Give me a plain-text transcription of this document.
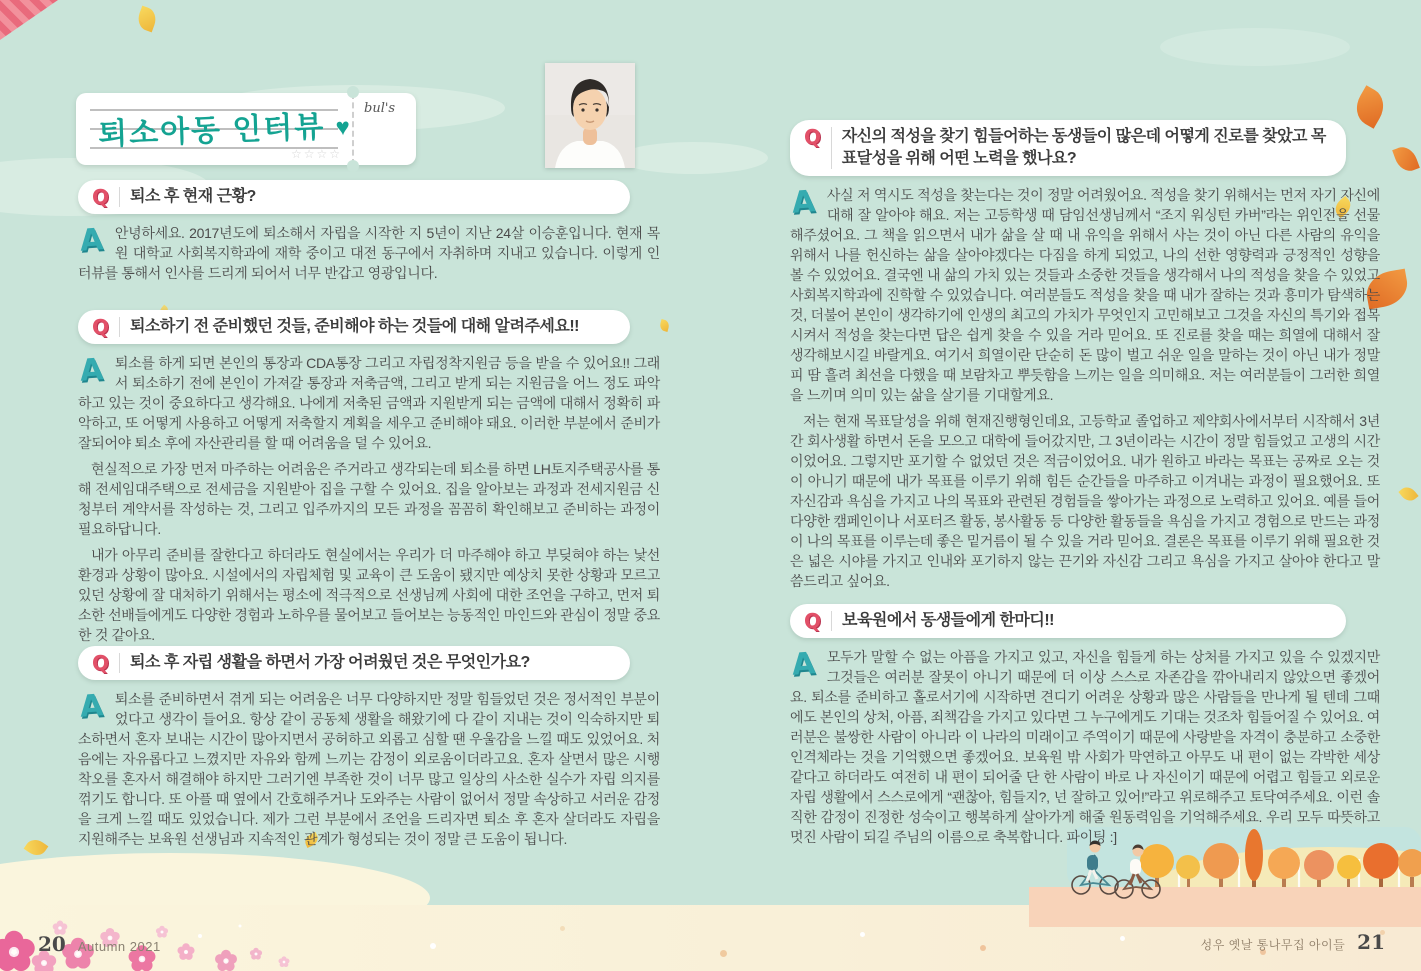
퇴소아동 인터뷰 ♥
☆☆☆☆
bul's
Q 퇴소 후 현재 근황?

A안녕하세요. 2017년도에 퇴소해서 자립을 시작한 지 5년이 지난 24살 이승훈입니다. 현재 목원 대학교 사회복지학과에 재학 중이고 대전 동구에서 자취하며 지내고 있습니다. 이렇게 인터뷰를 통해서 인사를 드리게 되어서 너무 반갑고 영광입니다.

Q 퇴소하기 전 준비했던 것들, 준비해야 하는 것들에 대해 알려주세요!!

A퇴소를 하게 되면 본인의 통장과 CDA통장 그리고 자립정착지원금 등을 받을 수 있어요!! 그래서 퇴소하기 전에 본인이 가져갈 통장과 저축금액, 그리고 받게 되는 지원금을 어느 정도 파악하고 있는 것이 중요하다고 생각해요. 나에게 저축된 금액과 지원받게 되는 금액에 대해서 정확히 파악하고, 또 어떻게 사용하고 어떻게 저축할지 계획을 세우고 준비해야 돼요. 이러한 부분에서 준비가 잘되어야 퇴소 후에 자산관리를 할 때 어려움을 덜 수 있어요.

현실적으로 가장 먼저 마주하는 어려움은 주거라고 생각되는데 퇴소를 하면 LH토지주택공사를 통해 전세임대주택으로 전세금을 지원받아 집을 구할 수 있어요. 집을 알아보는 과정과 전세지원금 신청부터 계약서를 작성하는 것, 그리고 입주까지의 모든 과정을 꼼꼼히 확인해보고 준비하는 과정이 필요하답니다.

내가 아무리 준비를 잘한다고 하더라도 현실에서는 우리가 더 마주해야 하고 부딪혀야 하는 낯선 환경과 상황이 많아요. 시설에서의 자립체험 및 교육이 큰 도움이 됐지만 예상치 못한 상황과 모르고 있던 상황에 잘 대처하기 위해서는 평소에 적극적으로 선생님께 사회에 대한 조언을 구하고, 먼저 퇴소한 선배들에게도 다양한 경험과 노하우를 물어보고 들어보는 능동적인 마인드와 관심이 정말 중요한 것 같아요.

Q 퇴소 후 자립 생활을 하면서 가장 어려웠던 것은 무엇인가요?

A퇴소를 준비하면서 겪게 되는 어려움은 너무 다양하지만 정말 힘들었던 것은 정서적인 부분이었다고 생각이 들어요. 항상 같이 공동체 생활을 해왔기에 다 같이 지내는 것이 익숙하지만 퇴소하면서 혼자 보내는 시간이 많아지면서 공허하고 외롭고 심할 땐 우울감을 느낄 때도 있었어요. 처음에는 자유롭다고 느꼈지만 자유와 함께 느끼는 감정이 외로움이더라고요. 혼자 살면서 많은 시행착오를 혼자서 해결해야 하지만 그러기엔 부족한 것이 너무 많고 일상의 사소한 실수가 자립 의지를 꺾기도 합니다. 또 아플 때 옆에서 간호해주거나 도와주는 사람이 없어서 정말 속상하고 서러운 감정을 크게 느낄 때도 있었습니다. 제가 그런 부분에서 조언을 드리자면 퇴소 후 혼자 살더라도 자립을 지원해주는 보육원 선생님과 지속적인 관계가 형성되는 것이 정말 큰 도움이 됩니다.

Q 자신의 적성을 찾기 힘들어하는 동생들이 많은데 어떻게 진로를 찾았고 목표달성을 위해 어떤 노력을 했나요?

A사실 저 역시도 적성을 찾는다는 것이 정말 어려웠어요. 적성을 찾기 위해서는 먼저 자기 자신에 대해 잘 알아야 해요. 저는 고등학생 때 담임선생님께서 “조지 워싱턴 카버”라는 위인전을 선물해주셨어요. 그 책을 읽으면서 내가 삶을 살 때 내 유익을 위해서 사는 것이 아닌 다른 사람의 유익을 위해서 나를 헌신하는 삶을 살아야겠다는 다짐을 하게 되었고, 나의 선한 영향력과 긍정적인 성향을 볼 수 있었어요. 결국엔 내 삶의 가치 있는 것들과 소중한 것들을 생각해서 나의 적성을 찾을 수 있었고 사회복지학과에 진학할 수 있었습니다. 여러분들도 적성을 찾을 때 내가 잘하는 것과 흥미가 탐색하는 것, 더불어 본인이 생각하기에 인생의 최고의 가치가 무엇인지 고민해보고 그것을 자신의 특기와 접목시켜서 적성을 찾는다면 답은 쉽게 찾을 수 있을 거라 믿어요. 또 진로를 찾을 때는 희열에 대해서 잘 생각해보시길 바랄게요. 여기서 희열이란 단순히 돈 많이 벌고 쉬운 일을 말하는 것이 아닌 내가 정말 피 땀 흘려 최선을 다했을 때 보람차고 뿌듯함을 느끼는 일을 의미해요. 저는 여러분들이 그러한 희열을 느끼며 의미 있는 삶을 살기를 기대할게요.

저는 현재 목표달성을 위해 현재진행형인데요, 고등학교 졸업하고 제약회사에서부터 시작해서 3년간 회사생활 하면서 돈을 모으고 대학에 들어갔지만, 그 3년이라는 시간이 정말 힘들었고 고생의 시간이었어요. 그렇지만 포기할 수 없었던 것은 적금이었어요. 내가 원하고 바라는 목표는 공짜로 오는 것이 아니기 때문에 내가 목표를 이루기 위해 힘든 순간들을 마주하고 이겨내는 과정이 필요했어요. 또 자신감과 욕심을 가지고 나의 목표와 관련된 경험들을 쌓아가는 과정으로 노력하고 있어요. 예를 들어 다양한 캠페인이나 서포터즈 활동, 봉사활동 등 다양한 활동들을 욕심을 가지고 경험으로 만드는 과정이 나의 목표를 이루는데 좋은 밑거름이 될 수 있을 거라 믿어요. 결론은 목표를 이루기 위해 필요한 것은 넓은 시야를 가지고 인내와 포기하지 않는 끈기와 자신감 그리고 욕심을 가지고 살아야 한다고 말씀드리고 싶어요.

Q 보육원에서 동생들에게 한마디!!

A모두가 말할 수 없는 아픔을 가지고 있고, 자신을 힘들게 하는 상처를 가지고 있을 수 있겠지만 그것들은 여러분 잘못이 아니기 때문에 더 이상 스스로 자존감을 깎아내리지 않았으면 좋겠어요. 퇴소를 준비하고 홀로서기에 시작하면 견디기 어려운 상황과 많은 사람들을 만나게 될 텐데 그때에도 본인의 상처, 아픔, 죄책감을 가지고 있다면 그 누구에게도 기대는 것조차 힘들어질 수 있어요. 여러분은 불쌍한 사람이 아니라 이 나라의 미래이고 주역이기 때문에 사랑받을 자격이 충분하고 소중한 인격체라는 것을 기억했으면 좋겠어요. 보육원 밖 사회가 막연하고 아무도 내 편이 없는 각박한 세상 같다고 하더라도 여전히 내 편이 되어줄 단 한 사람이 바로 나 자신이기 때문에 어렵고 힘들고 외로운 자립 생활에서 스스로에게 “괜찮아, 힘들지?, 넌 잘하고 있어!”라고 위로해주고 토닥여주세요. 이런 솔직한 감정이 진정한 성숙이고 행복하게 살아가게 해줄 원동력임을 기억해주세요. 우리 모두 따뜻하고 멋진 사람이 되길 주님의 이름으로 축복합니다. 파이팅 :]

20 Autumn 2021	성우 옛날 통나무집 아이들 21
